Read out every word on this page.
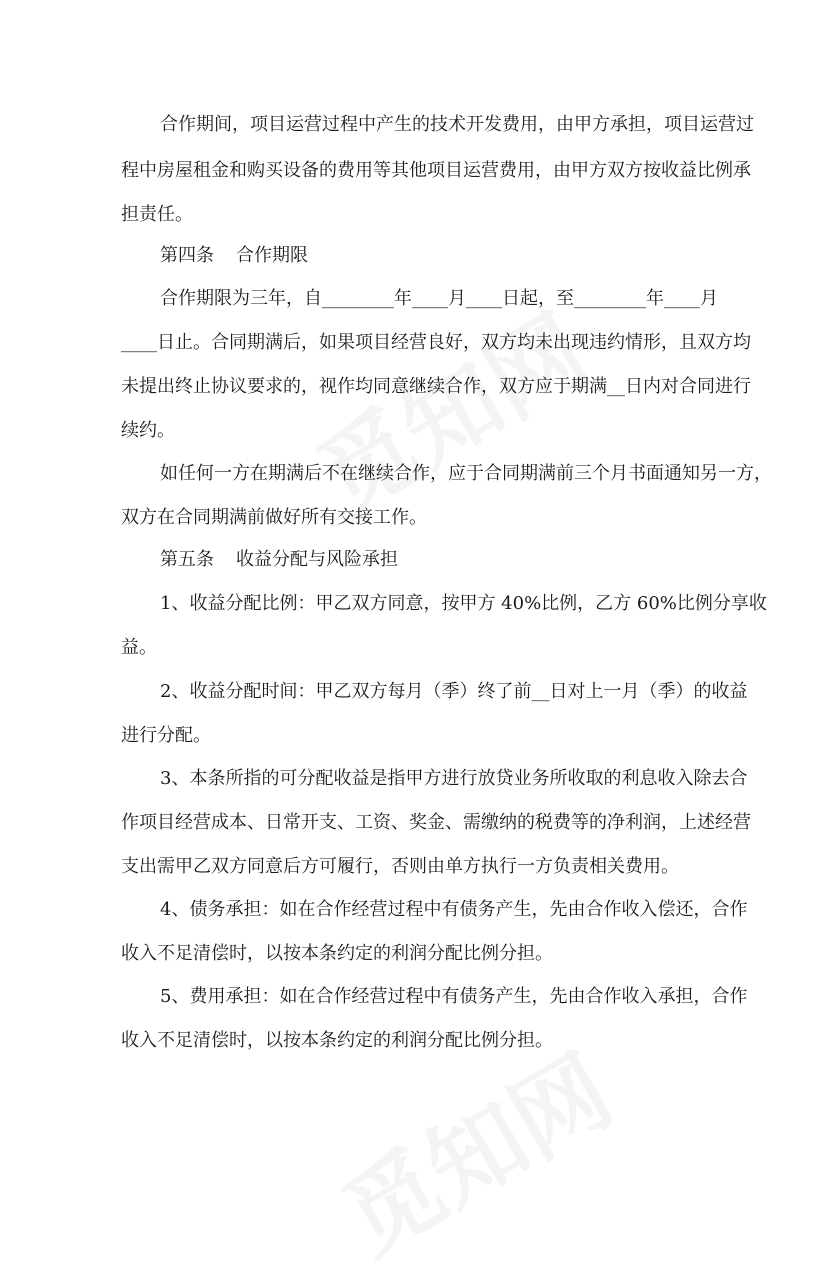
合作期间，项目运营过程中产生的技术开发费用，由甲方承担，项目运营过
程中房屋租金和购买设备的费用等其他项目运营费用，由甲方双方按收益比例承
担责任。
第四条 合作期限
合作期限为三年，自________年____月____日起，至________年____月
____日止。合同期满后，如果项目经营良好，双方均未出现违约情形，且双方均
未提出终止协议要求的，视作均同意继续合作，双方应于期满__日内对合同进行
续约。
如任何一方在期满后不在继续合作，应于合同期满前三个月书面通知另一方，
双方在合同期满前做好所有交接工作。
第五条 收益分配与风险承担
1、收益分配比例：甲乙双方同意，按甲方 40%比例，乙方 60%比例分享收
益。
2、收益分配时间：甲乙双方每月（季）终了前__日对上一月（季）的收益
进行分配。
3、本条所指的可分配收益是指甲方进行放贷业务所收取的利息收入除去合
作项目经营成本、日常开支、工资、奖金、需缴纳的税费等的净利润，上述经营
支出需甲乙双方同意后方可履行，否则由单方执行一方负责相关费用。
4、债务承担：如在合作经营过程中有债务产生，先由合作收入偿还，合作
收入不足清偿时，以按本条约定的利润分配比例分担。
5、费用承担：如在合作经营过程中有债务产生，先由合作收入承担，合作
收入不足清偿时，以按本条约定的利润分配比例分担。
